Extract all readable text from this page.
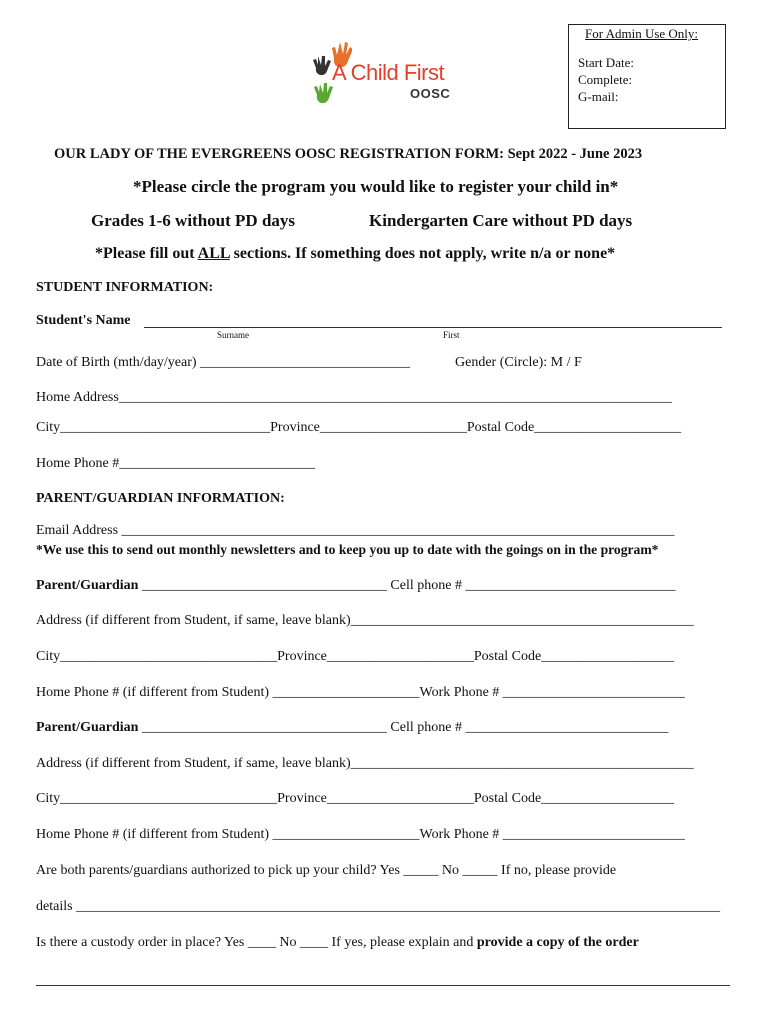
For Admin Use Only:
Start Date:
Complete:
G-mail:
A Child First
OOSC
OUR LADY OF THE EVERGREENS OOSC REGISTRATION FORM: Sept 2022 - June 2023
*Please circle the program you would like to register your child in*
Grades 1-6 without PD days	Kindergarten Care without PD days
*Please fill out ALL sections. If something does not apply, write n/a or none*
STUDENT INFORMATION:
Student's Name
Surname	First
Date of Birth (mth/day/year) ______________________________	Gender (Circle): M / F
Home Address_______________________________________________________________________________
City______________________________Province_____________________Postal Code_____________________
Home Phone #____________________________
PARENT/GUARDIAN INFORMATION:
Email Address _______________________________________________________________________________
*We use this to send out monthly newsletters and to keep you up to date with the goings on in the program*
Parent/Guardian ___________________________________ Cell phone # ______________________________
Address (if different from Student, if same, leave blank)_________________________________________________
City_______________________________Province_____________________Postal Code___________________
Home Phone # (if different from Student) _____________________Work Phone # __________________________
Parent/Guardian ___________________________________ Cell phone # _____________________________
Address (if different from Student, if same, leave blank)_________________________________________________
City_______________________________Province_____________________Postal Code___________________
Home Phone # (if different from Student) _____________________Work Phone # __________________________
Are both parents/guardians authorized to pick up your child? Yes _____ No _____ If no, please provide
details ____________________________________________________________________________________________
Is there a custody order in place? Yes ____ No ____ If yes, please explain and provide a copy of the order
